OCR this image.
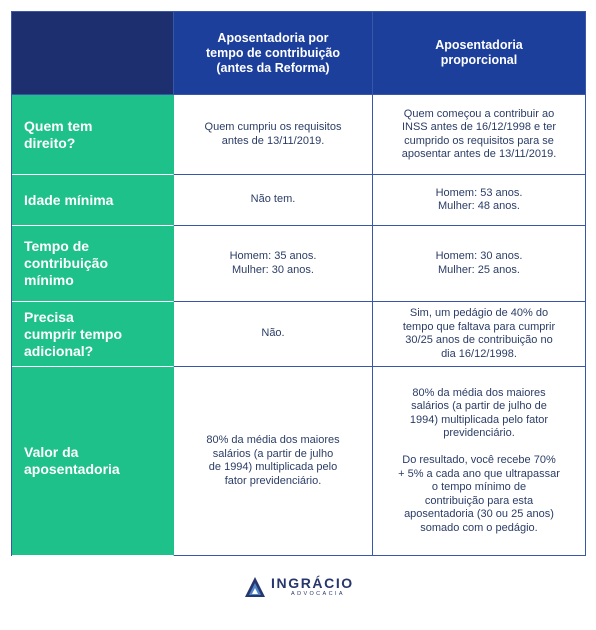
Aposentadoria por
tempo de contribuição
(antes da Reforma)
Aposentadoria
proporcional
Quem tem
direito?
Quem cumpriu os requisitos
antes de 13/11/2019.
Quem começou a contribuir ao
INSS antes de 16/12/1998 e ter
cumprido os requisitos para se
aposentar antes de 13/11/2019.
Idade mínima	Não tem.
Homem: 53 anos.
Mulher: 48 anos.
Tempo de
contribuição
mínimo
Homem: 35 anos.
Mulher: 30 anos.
Homem: 30 anos.
Mulher: 25 anos.
Precisa
cumprir tempo
adicional?
Não.
Sim, um pedágio de 40% do
tempo que faltava para cumprir
30/25 anos de contribuição no
dia 16/12/1998.
Valor da
aposentadoria
80% da média dos maiores
salários (a partir de julho
de 1994) multiplicada pelo
fator previdenciário.
80% da média dos maiores
salários (a partir de julho de
1994) multiplicada pelo fator
previdenciário.

Do resultado, você recebe 70%
+ 5% a cada ano que ultrapassar
o tempo mínimo de
contribuição para esta
aposentadoria (30 ou 25 anos)
somado com o pedágio.
INGRÁCIO
ADVOCACIA
